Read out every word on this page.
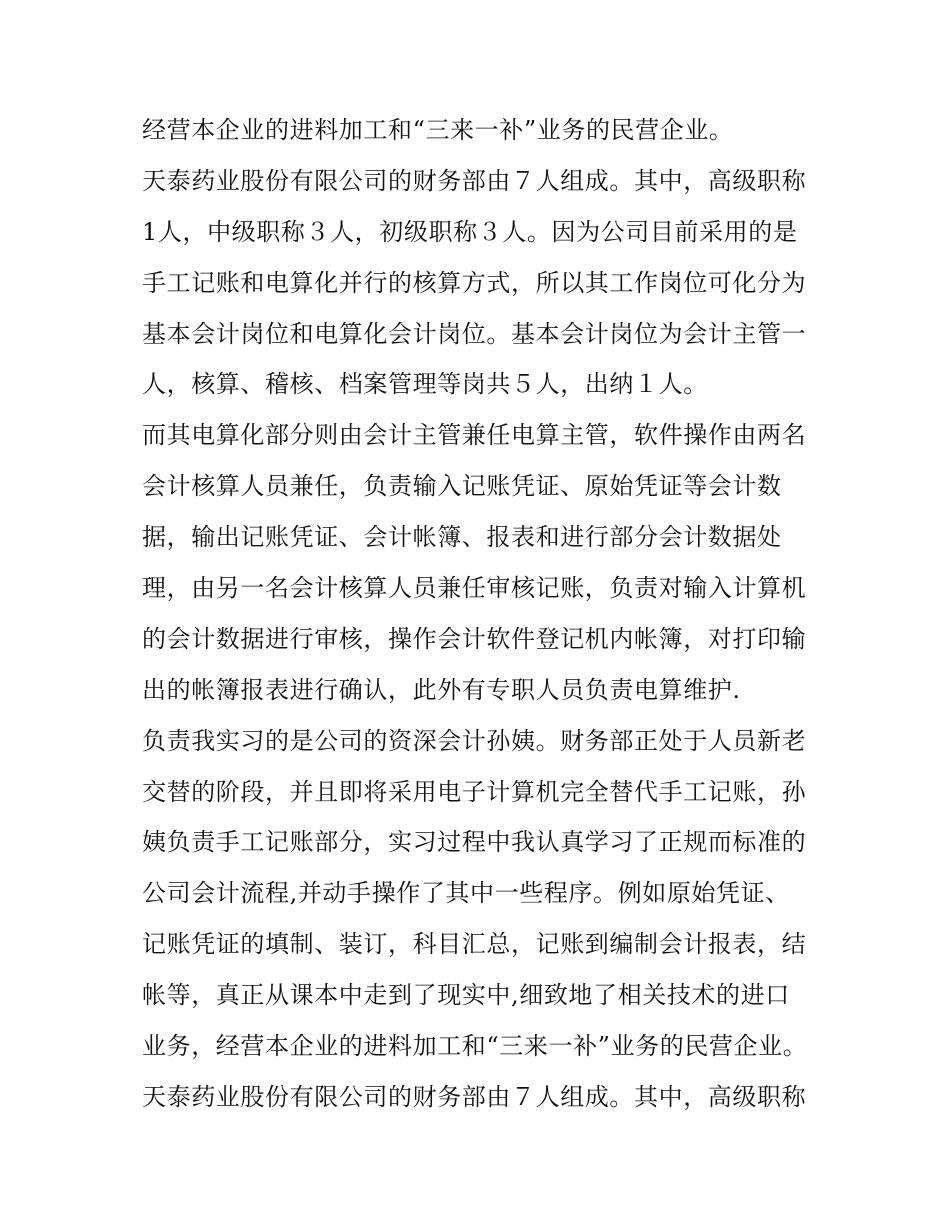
经营本企业的进料加工和“三来一补”业务的民营企业。
天泰药业股份有限公司的财务部由７人组成。其中，高级职称
1人，中级职称３人，初级职称３人。因为公司目前采用的是
手工记账和电算化并行的核算方式，所以其工作岗位可化分为
基本会计岗位和电算化会计岗位。基本会计岗位为会计主管一
人，核算、稽核、档案管理等岗共５人，出纳１人。
而其电算化部分则由会计主管兼任电算主管，软件操作由两名
会计核算人员兼任，负责输入记账凭证、原始凭证等会计数
据，输出记账凭证、会计帐簿、报表和进行部分会计数据处
理，由另一名会计核算人员兼任审核记账，负责对输入计算机
的会计数据进行审核，操作会计软件登记机内帐簿，对打印输
出的帐簿报表进行确认，此外有专职人员负责电算维护.
负责我实习的是公司的资深会计孙姨。财务部正处于人员新老
交替的阶段，并且即将采用电子计算机完全替代手工记账，孙
姨负责手工记账部分，实习过程中我认真学习了正规而标准的
公司会计流程,并动手操作了其中一些程序。例如原始凭证、
记账凭证的填制、装订，科目汇总，记账到编制会计报表，结
帐等，真正从课本中走到了现实中,细致地了相关技术的进口
业务，经营本企业的进料加工和“三来一补”业务的民营企业。
天泰药业股份有限公司的财务部由７人组成。其中，高级职称
